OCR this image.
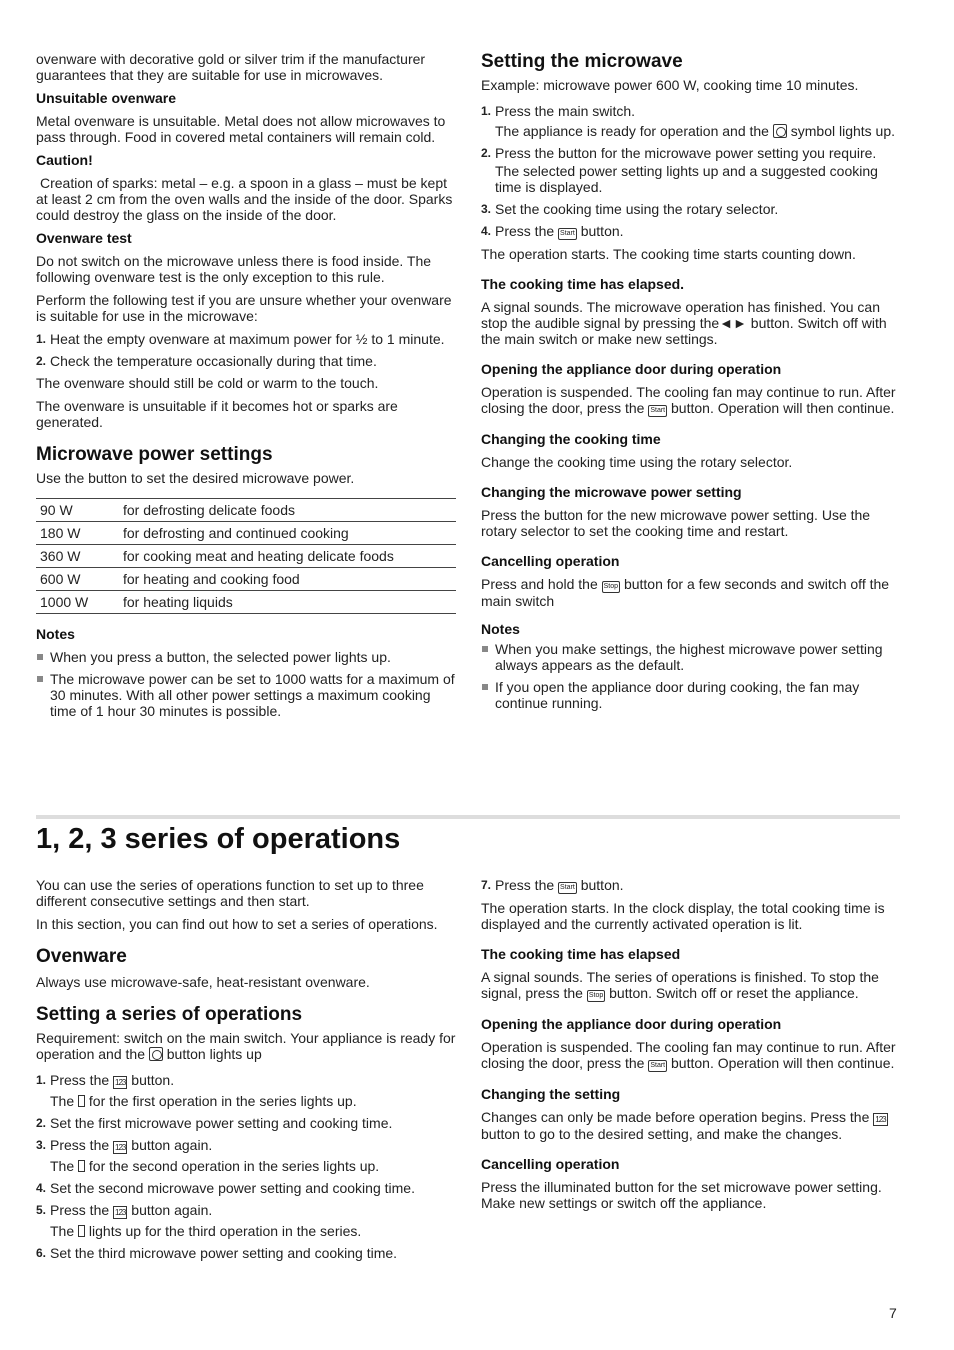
ovenware with decorative gold or silver trim if the manufacturer guarantees that they are suitable for use in microwaves.

Unsuitable ovenware

Metal ovenware is unsuitable. Metal does not allow microwaves to pass through. Food in covered metal containers will remain cold.

Caution!

Creation of sparks: metal – e.g. a spoon in a glass – must be kept at least 2 cm from the oven walls and the inside of the door. Sparks could destroy the glass on the inside of the door.

Ovenware test

Do not switch on the microwave unless there is food inside. The following ovenware test is the only exception to this rule.

Perform the following test if you are unsure whether your ovenware is suitable for use in the microwave:

1. Heat the empty ovenware at maximum power for ½ to 1 minute.
2. Check the temperature occasionally during that time.

The ovenware should still be cold or warm to the touch.

The ovenware is unsuitable if it becomes hot or sparks are generated.

Microwave power settings

Use the button to set the desired microwave power.

90 W	for defrosting delicate foods
180 W	for defrosting and continued cooking
360 W	for cooking meat and heating delicate foods
600 W	for heating and cooking food
1000 W	for heating liquids
Notes
When you press a button, the selected power lights up.
The microwave power can be set to 1000 watts for a maximum of 30 minutes. With all other power settings a maximum cooking time of 1 hour 30 minutes is possible.
Setting the microwave

Example: microwave power 600 W, cooking time 10 minutes.

1. Press the main switch.
The appliance is ready for operation and the symbol lights up.
2. Press the button for the microwave power setting you require.
The selected power setting lights up and a suggested cooking time is displayed.
3. Set the cooking time using the rotary selector.
4. Press the Start button.

The operation starts. The cooking time starts counting down.

The cooking time has elapsed.

A signal sounds. The microwave operation has finished. You can stop the audible signal by pressing the◄► button. Switch off with the main switch or make new settings.

Opening the appliance door during operation

Operation is suspended. The cooling fan may continue to run. After closing the door, press the Start button. Operation will then continue.

Changing the cooking time

Change the cooking time using the rotary selector.

Changing the microwave power setting

Press the button for the new microwave power setting. Use the rotary selector to set the cooking time and restart.

Cancelling operation

Press and hold the Stop button for a few seconds and switch off the main switch

Notes
When you make settings, the highest microwave power setting always appears as the default.
If you open the appliance door during cooking, the fan may continue running.
1, 2, 3 series of operations

You can use the series of operations function to set up to three different consecutive settings and then start.

In this section, you can find out how to set a series of operations.

Ovenware

Always use microwave-safe, heat-resistant ovenware.

Setting a series of operations

Requirement: switch on the main switch. Your appliance is ready for operation and the button lights up

1. Press the 123 button.
The for the first operation in the series lights up.
2. Set the first microwave power setting and cooking time.
3. Press the 123 button again.
The for the second operation in the series lights up.
4. Set the second microwave power setting and cooking time.
5. Press the 123 button again.
The lights up for the third operation in the series.
6. Set the third microwave power setting and cooking time.
7. Press the Start button.

The operation starts. In the clock display, the total cooking time is displayed and the currently activated operation is lit.

The cooking time has elapsed

A signal sounds. The series of operations is finished. To stop the signal, press the Stop button. Switch off or reset the appliance.

Opening the appliance door during operation

Operation is suspended. The cooling fan may continue to run. After closing the door, press the Start button. Operation will then continue.

Changing the setting

Changes can only be made before operation begins. Press the 123 button to go to the desired setting, and make the changes.

Cancelling operation

Press the illuminated button for the set microwave power setting. Make new settings or switch off the appliance.

7
